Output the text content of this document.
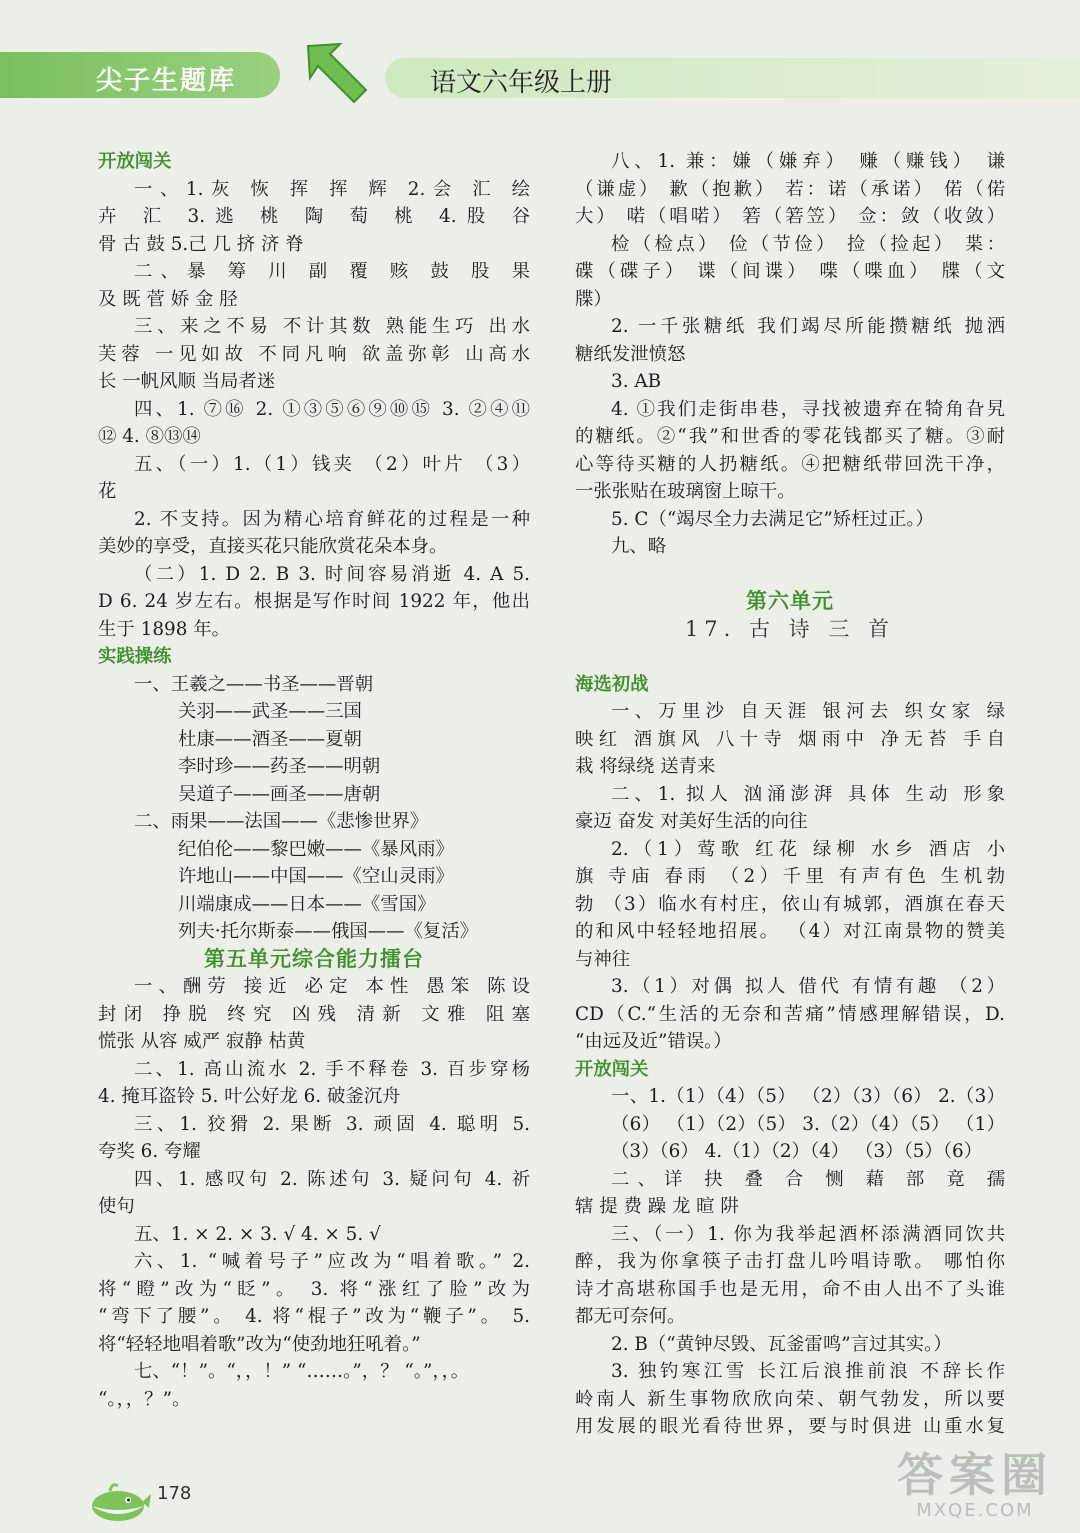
尖子生题库	语文六年级上册
开放闯关
一、1.灰 恢 挥 挥 辉 2.会 汇 绘
卉 汇 3.逃 桃 陶 萄 桃 4.股 谷
骨 古 鼓 5.己 几 挤 济 脊
二、暴 筹 川 副 覆 赅 鼓 股 果
及 既 菅 娇 金 胫
三、来之不易 不计其数 熟能生巧 出水
芙蓉 一见如故 不同凡响 欲盖弥彰 山高水
长 一帆风顺 当局者迷
四、1. ⑦⑯ 2. ①③⑤⑥⑨⑩⑮ 3. ②④⑪
⑫ 4. ⑧⑬⑭
五、（一）1.（1）钱夹 （2）叶片 （3）
花
2. 不支持。因为精心培育鲜花的过程是一种
美妙的享受，直接买花只能欣赏花朵本身。
（二）1. D 2. B 3. 时间容易消逝 4. A 5.
D 6. 24 岁左右。根据是写作时间 1922 年，他出
生于 1898 年。
实践操练
一、王羲之——书圣——晋朝
关羽——武圣——三国
杜康——酒圣——夏朝
李时珍——药圣——明朝
吴道子——画圣——唐朝
二、雨果——法国——《悲惨世界》
纪伯伦——黎巴嫩——《暴风雨》
许地山——中国——《空山灵雨》
川端康成——日本——《雪国》
列夫·托尔斯泰——俄国——《复活》
第五单元综合能力擂台
一、酬劳 接近 必定 本性 愚笨 陈设
封闭 挣脱 终究 凶残 清新 文雅 阻塞
慌张 从容 威严 寂静 枯黄
二、1. 高山流水 2. 手不释卷 3. 百步穿杨
4. 掩耳盗铃 5. 叶公好龙 6. 破釜沉舟
三、1. 狡猾 2. 果断 3. 顽固 4. 聪明 5.
夸奖 6. 夸耀
四、1. 感叹句 2. 陈述句 3. 疑问句 4. 祈
使句
五、1. × 2. × 3. √ 4. × 5. √
六、1. “喊着号子”应改为“唱着歌。” 2.
将“瞪”改为“眨”。 3. 将“涨红了脸”改为
“弯下了腰”。 4. 将“棍子”改为“鞭子”。 5.
将“轻轻地唱着歌”改为“使劲地狂吼着。”
七、“！”。“，，！” “……。”，？ “。”，，。
“。，，？”。
八、1. 兼：嫌（嫌弃） 赚（赚钱） 谦
（谦虚） 歉（抱歉） 若：诺（承诺） 偌（偌
大） 喏（唱喏） 箬（箬笠） 佥：敛（收敛）
检（检点） 俭（节俭） 捡（捡起） 枼：
碟（碟子） 谍（间谍） 喋（喋血） 牒（文
牒）
2. 一千张糖纸 我们竭尽所能攒糖纸 抛洒
糖纸发泄愤怒
3. AB
4. ①我们走街串巷，寻找被遗弃在犄角旮旯
的糖纸。②“我”和世香的零花钱都买了糖。③耐
心等待买糖的人扔糖纸。④把糖纸带回洗干净，
一张张贴在玻璃窗上晾干。
5. C（“竭尽全力去满足它”矫枉过正。）
九、略
第六单元
17. 古 诗 三 首
海选初战
一、万里沙 自天涯 银河去 织女家 绿
映红 酒旗风 八十寺 烟雨中 净无苔 手自
栽 将绿绕 送青来
二、1. 拟人 汹涌澎湃 具体 生动 形象
豪迈 奋发 对美好生活的向往
2.（1）莺歌 红花 绿柳 水乡 酒店 小
旗 寺庙 春雨 （2）千里 有声有色 生机勃
勃 （3）临水有村庄，依山有城郭，酒旗在春天
的和风中轻轻地招展。 （4）对江南景物的赞美
与神往
3.（1）对偶 拟人 借代 有情有趣 （2）
CD（C.“生活的无奈和苦痛”情感理解错误，D.
“由远及近”错误。）
开放闯关
一、1.（1）（4）（5） （2）（3）（6） 2.（3）
（6） （1）（2）（5） 3.（2）（4）（5） （1）
（3）（6） 4.（1）（2）（4） （3）（5）（6）
二、详 抉 叠 合 恻 藉 部 竟 孺
辖 提 费 躁 龙 暄 阱
三、（一）1. 你为我举起酒杯添满酒同饮共
醉，我为你拿筷子击打盘儿吟唱诗歌。 哪怕你
诗才高堪称国手也是无用，命不由人出不了头谁
都无可奈何。
2. B（“黄钟尽毁、瓦釜雷鸣”言过其实。）
3. 独钓寒江雪 长江后浪推前浪 不辞长作
岭南人 新生事物欣欣向荣、朝气勃发，所以要
用发展的眼光看待世界，要与时俱进 山重水复
178	答案圈
MXQE.COM
